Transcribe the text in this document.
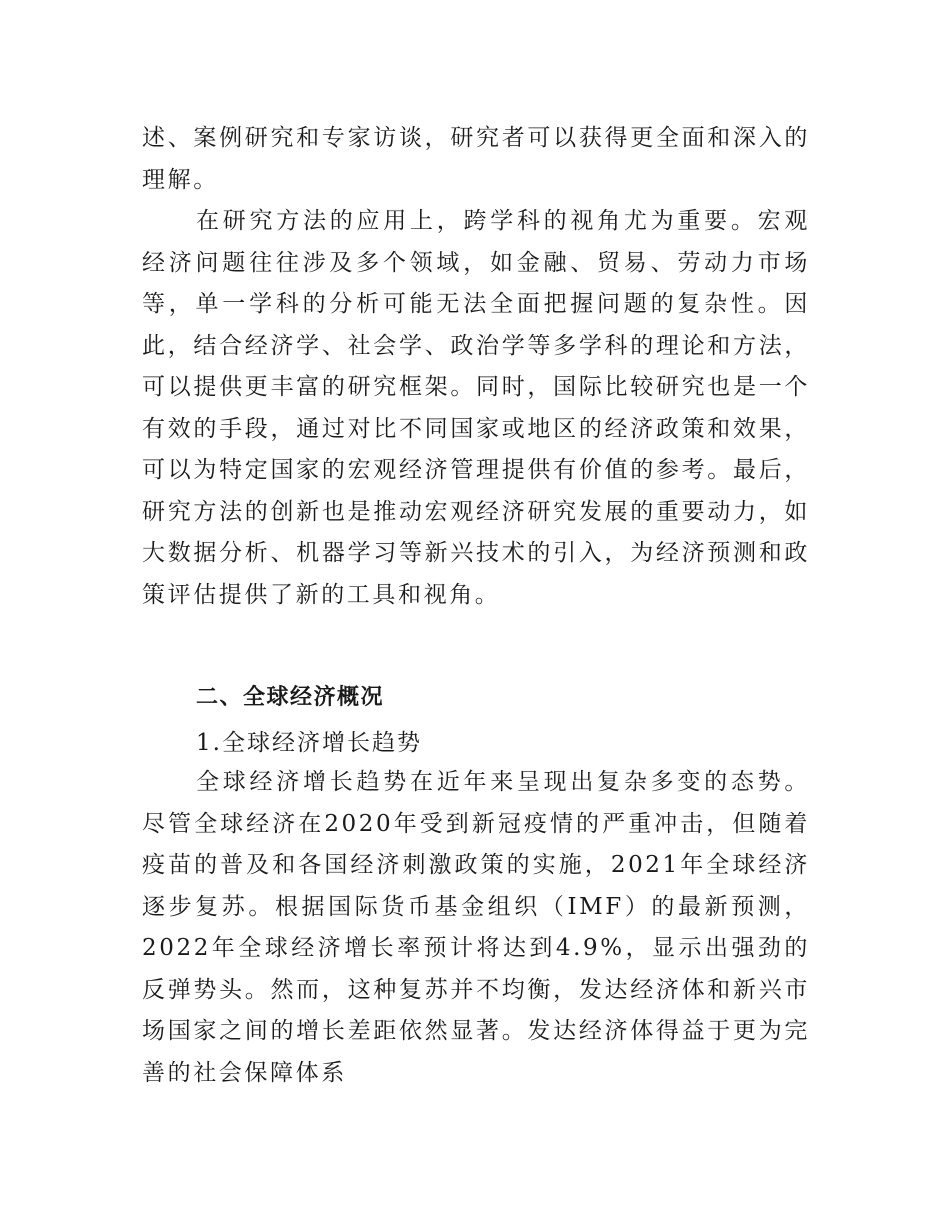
述、案例研究和专家访谈，研究者可以获得更全面和深入的理解。

在研究方法的应用上，跨学科的视角尤为重要。宏观经济问题往往涉及多个领域，如金融、贸易、劳动力市场等，单一学科的分析可能无法全面把握问题的复杂性。因此，结合经济学、社会学、政治学等多学科的理论和方法，可以提供更丰富的研究框架。同时，国际比较研究也是一个有效的手段，通过对比不同国家或地区的经济政策和效果，可以为特定国家的宏观经济管理提供有价值的参考。最后，研究方法的创新也是推动宏观经济研究发展的重要动力，如大数据分析、机器学习等新兴技术的引入，为经济预测和政策评估提供了新的工具和视角。

二、全球经济概况
1.全球经济增长趋势

全球经济增长趋势在近年来呈现出复杂多变的态势。尽管全球经济在2020年受到新冠疫情的严重冲击，但随着疫苗的普及和各国经济刺激政策的实施，2021年全球经济逐步复苏。根据国际货币基金组织（IMF）的最新预测，2022年全球经济增长率预计将达到4.9%，显示出强劲的反弹势头。然而，这种复苏并不均衡，发达经济体和新兴市场国家之间的增长差距依然显著。发达经济体得益于更为完善的社会保障体系
